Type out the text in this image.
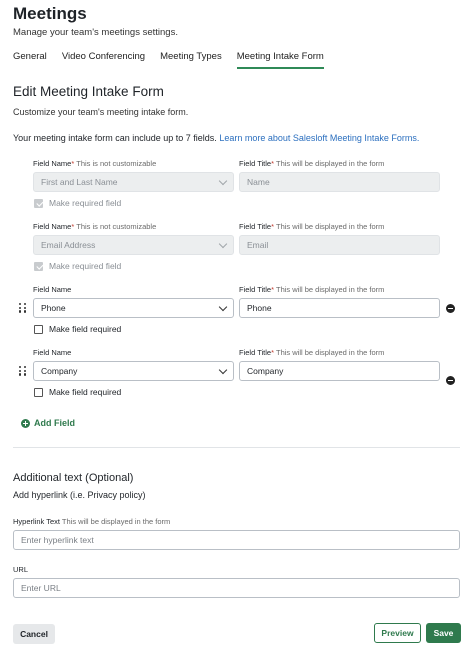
Meetings
Manage your team's meetings settings.
General Video Conferencing Meeting Types Meeting Intake Form
Edit Meeting Intake Form
Customize your team's meeting intake form.
Your meeting intake form can include up to 7 fields. Learn more about Salesloft Meeting Intake Forms.
Field Name* This is not customizable	Field Title* This will be displayed in the form
First and Last Name	Name
Make required field
Field Name* This is not customizable	Field Title* This will be displayed in the form
Email Address	Email
Make required field
Field Name	Field Title* This will be displayed in the form
Phone	Phone
Make field required
Field Name	Field Title* This will be displayed in the form
Company	Company
Make field required
Add Field
Additional text (Optional)
Add hyperlink (i.e. Privacy policy)
Hyperlink Text This will be displayed in the form
Enter hyperlink text
URL
Enter URL
Cancel	Preview	Save
